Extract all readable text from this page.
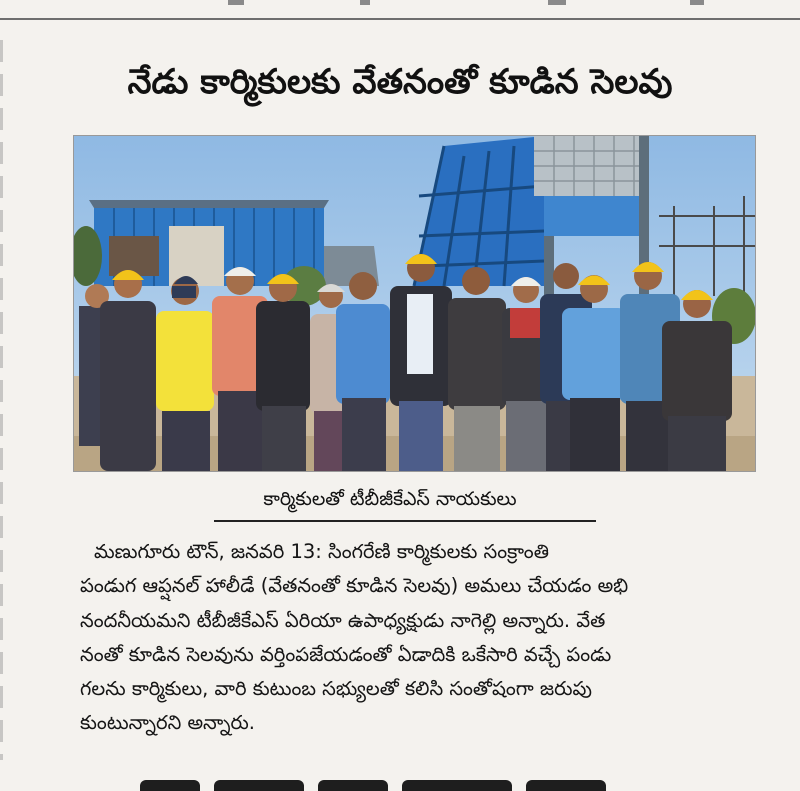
నేడు కార్మికులకు వేతనంతో కూడిన సెలవు
కార్మికులతో టీబీజీకేఎస్ నాయకులు
మణుగూరు టౌన్, జనవరి 13: సింగరేణి కార్మికులకు సంక్రాంతి
పండుగ ఆప్షనల్ హాలీడే (వేతనంతో కూడిన సెలవు) అమలు చేయడం అభి
నందనీయమని టీబీజీకేఎస్ ఏరియా ఉపాధ్యక్షుడు నాగెల్లి అన్నారు. వేత
నంతో కూడిన సెలవును వర్తింపజేయడంతో ఏడాదికి ఒకేసారి వచ్చే పండు
గలను కార్మికులు, వారి కుటుంబ సభ్యులతో కలిసి సంతోషంగా జరుపు
కుంటున్నారని అన్నారు.
